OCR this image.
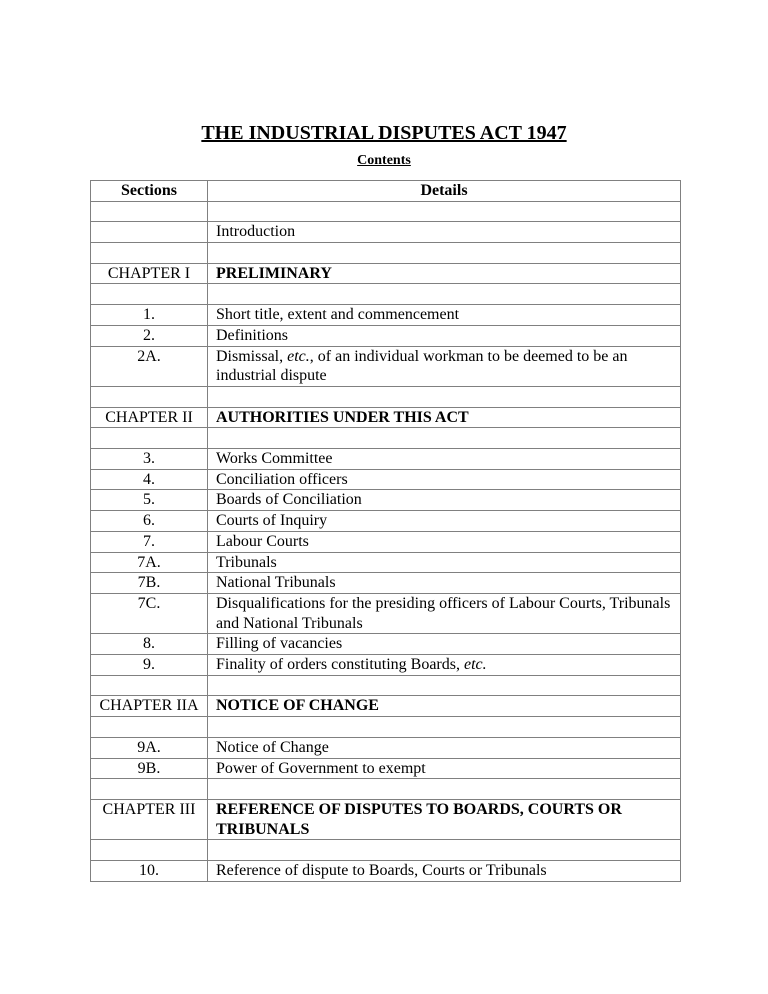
THE INDUSTRIAL DISPUTES ACT 1947
Contents
Sections	Details

	Introduction

CHAPTER I	PRELIMINARY

1.	Short title, extent and commencement
2.	Definitions
2A.	Dismissal, etc., of an individual workman to be deemed to be an industrial dispute

CHAPTER II	AUTHORITIES UNDER THIS ACT

3.	Works Committee
4.	Conciliation officers
5.	Boards of Conciliation
6.	Courts of Inquiry
7.	Labour Courts
7A.	Tribunals
7B.	National Tribunals
7C.	Disqualifications for the presiding officers of Labour Courts, Tribunals and National Tribunals
8.	Filling of vacancies
9.	Finality of orders constituting Boards, etc.

CHAPTER IIA	NOTICE OF CHANGE

9A.	Notice of Change
9B.	Power of Government to exempt

CHAPTER III	REFERENCE OF DISPUTES TO BOARDS, COURTS OR TRIBUNALS

10.	Reference of dispute to Boards, Courts or Tribunals
